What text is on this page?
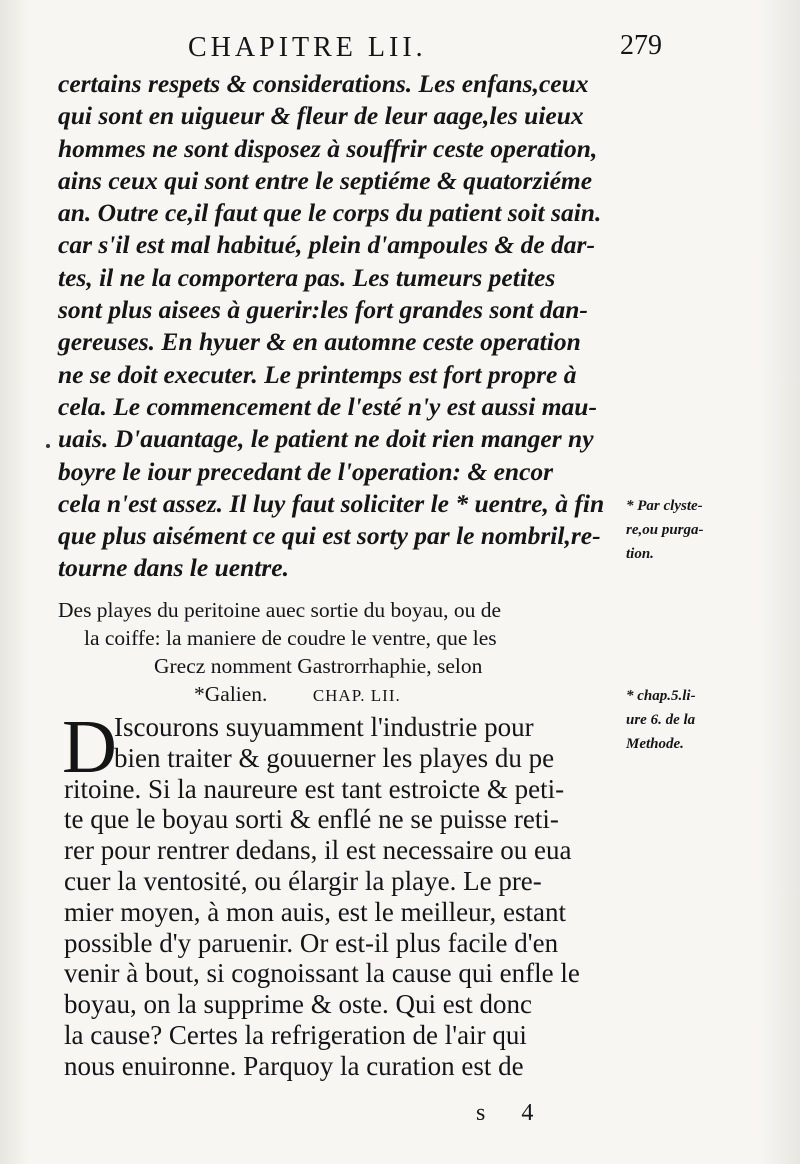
CHAPITRE LII.	279
certains respets & considerations. Les enfans,ceux
qui sont en uigueur & fleur de leur aage,les uieux
hommes ne sont disposez à souffrir ceste operation,
ains ceux qui sont entre le septiéme & quatorziéme
an. Outre ce,il faut que le corps du patient soit sain.
car s'il est mal habitué, plein d'ampoules & de dar-
tes, il ne la comportera pas. Les tumeurs petites
sont plus aisees à guerir:les fort grandes sont dan-
gereuses. En hyuer & en automne ceste operation
ne se doit executer. Le printemps est fort propre à
cela. Le commencement de l'esté n'y est aussi mau-
uais. D'auantage, le patient ne doit rien manger ny
boyre le iour precedant de l'operation: & encor
cela n'est assez. Il luy faut soliciter le * uentre, à fin
que plus aisément ce qui est sorty par le nombril,re-
tourne dans le uentre.
* Par clyste-
re,ou purga-
tion.
Des playes du peritoine auec sortie du boyau, ou de
la coiffe: la maniere de coudre le ventre, que les
Grecz nomment Gastrorrhaphie, selon
*Galien.	CHAP. LII.	* chap.5.li-
ure 6. de la
Methode.
D
Iscourons suyuamment l'industrie pour
bien traiter & gouuerner les playes du pe
ritoine. Si la naureure est tant estroicte & peti-
te que le boyau sorti & enflé ne se puisse reti-
rer pour rentrer dedans, il est necessaire ou eua
cuer la ventosité, ou élargir la playe. Le pre-
mier moyen, à mon auis, est le meilleur, estant
possible d'y paruenir. Or est-il plus facile d'en
venir à bout, si cognoissant la cause qui enfle le
boyau, on la supprime & oste. Qui est donc
la cause? Certes la refrigeration de l'air qui
nous enuironne. Parquoy la curation est de
s 4
